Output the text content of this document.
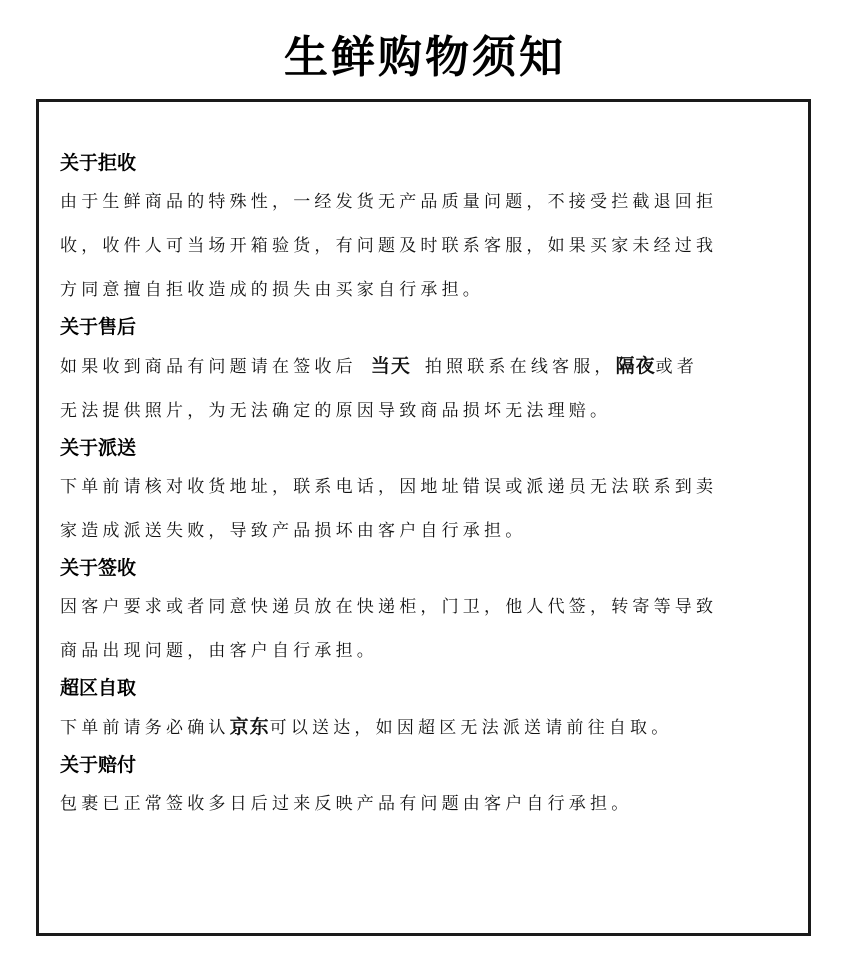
生鲜购物须知
关于拒收
由于生鲜商品的特殊性，一经发货无产品质量问题，不接受拦截退回拒
收，收件人可当场开箱验货，有问题及时联系客服，如果买家未经过我
方同意擅自拒收造成的损失由买家自行承担。
关于售后
如果收到商品有问题请在签收后 当天 拍照联系在线客服，隔夜或者
无法提供照片，为无法确定的原因导致商品损坏无法理赔。
关于派送
下单前请核对收货地址，联系电话，因地址错误或派递员无法联系到卖
家造成派送失败，导致产品损坏由客户自行承担。
关于签收
因客户要求或者同意快递员放在快递柜，门卫，他人代签，转寄等导致
商品出现问题，由客户自行承担。
超区自取
下单前请务必确认京东可以送达，如因超区无法派送请前往自取。
关于赔付
包裹已正常签收多日后过来反映产品有问题由客户自行承担。
